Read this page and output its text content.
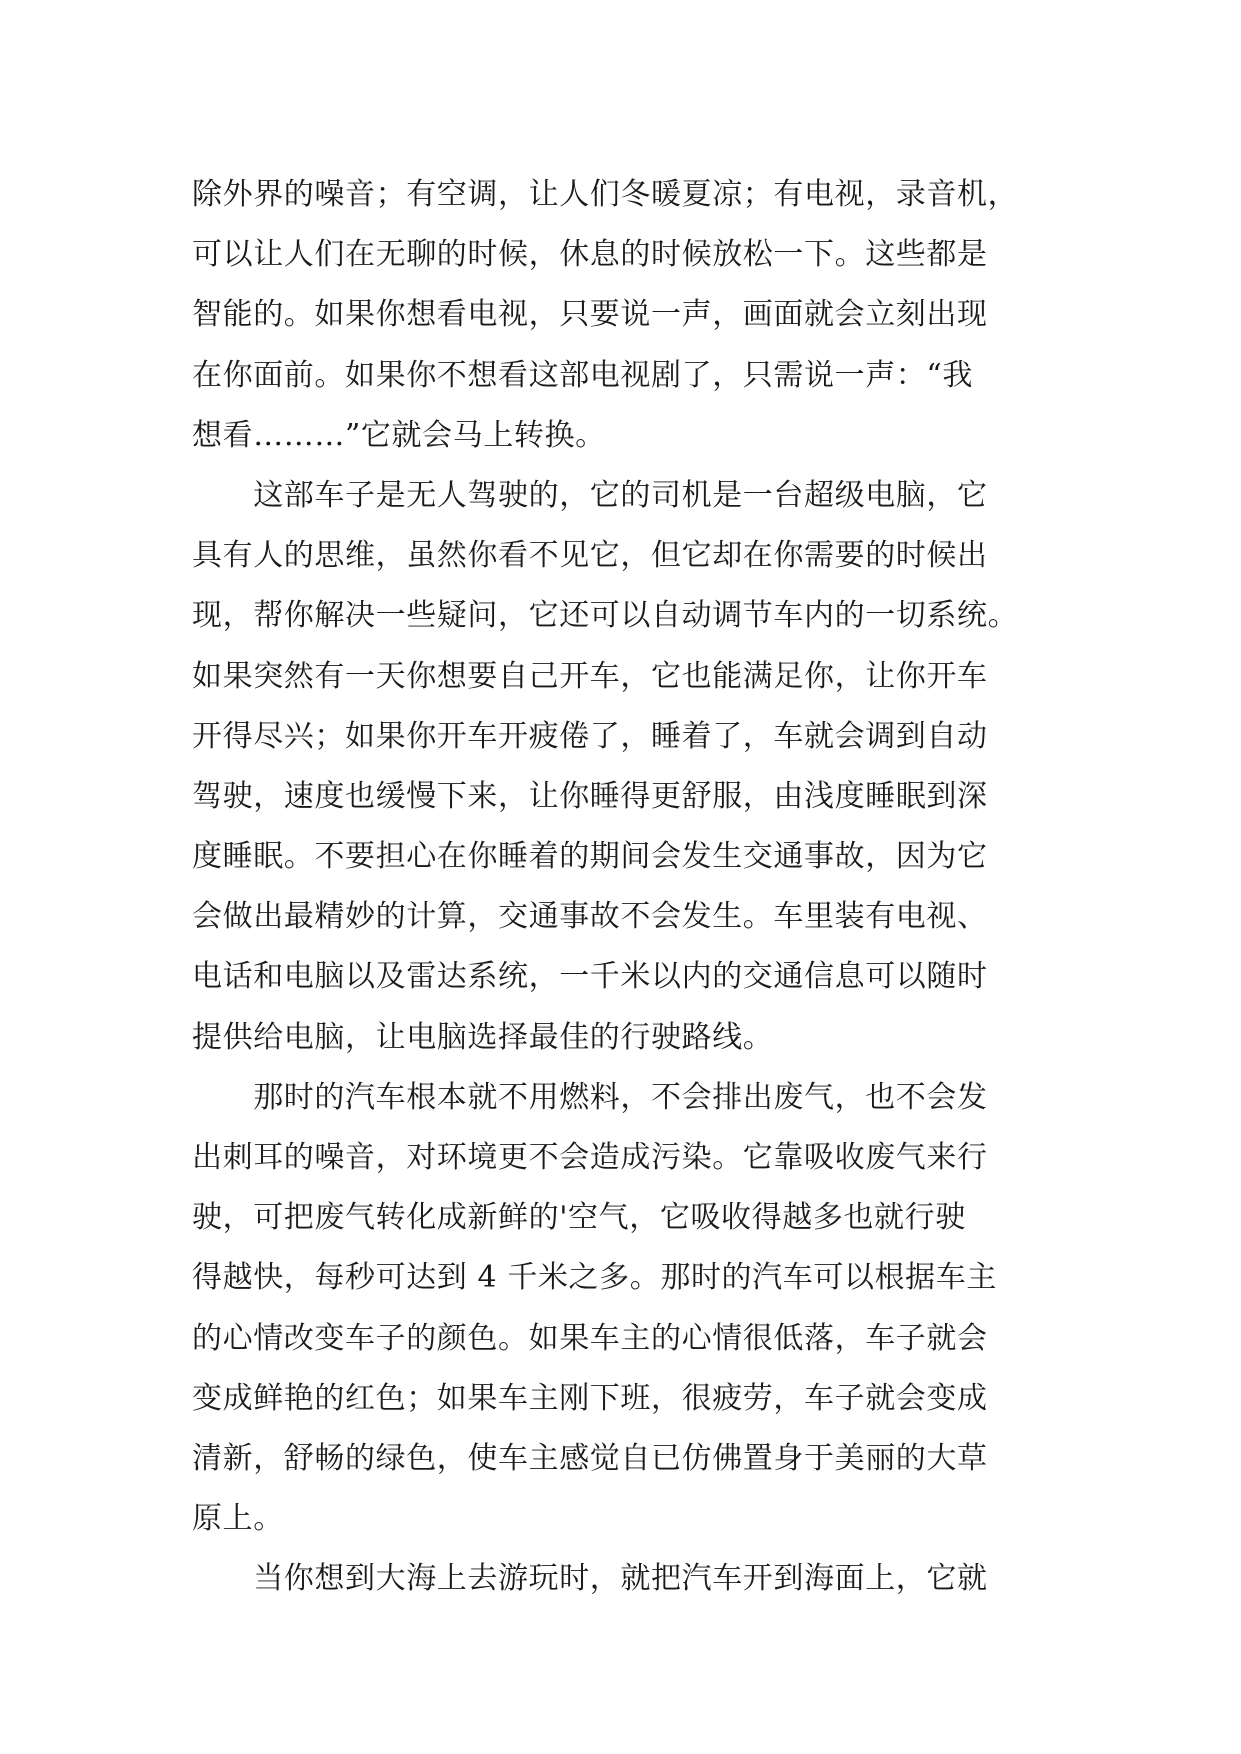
除外界的噪音；有空调，让人们冬暖夏凉；有电视，录音机，
可以让人们在无聊的时候，休息的时候放松一下。这些都是
智能的。如果你想看电视，只要说一声，画面就会立刻出现
在你面前。如果你不想看这部电视剧了，只需说一声：“我
想看………”它就会马上转换。
　　这部车子是无人驾驶的，它的司机是一台超级电脑，它
具有人的思维，虽然你看不见它，但它却在你需要的时候出
现，帮你解决一些疑问，它还可以自动调节车内的一切系统。
如果突然有一天你想要自己开车，它也能满足你，让你开车
开得尽兴；如果你开车开疲倦了，睡着了，车就会调到自动
驾驶，速度也缓慢下来，让你睡得更舒服，由浅度睡眠到深
度睡眠。不要担心在你睡着的期间会发生交通事故，因为它
会做出最精妙的计算，交通事故不会发生。车里装有电视、
电话和电脑以及雷达系统，一千米以内的交通信息可以随时
提供给电脑，让电脑选择最佳的行驶路线。
　　那时的汽车根本就不用燃料，不会排出废气，也不会发
出刺耳的噪音，对环境更不会造成污染。它靠吸收废气来行
驶，可把废气转化成新鲜的'空气，它吸收得越多也就行驶
得越快，每秒可达到 4 千米之多。那时的汽车可以根据车主
的心情改变车子的颜色。如果车主的心情很低落，车子就会
变成鲜艳的红色；如果车主刚下班，很疲劳，车子就会变成
清新，舒畅的绿色，使车主感觉自已仿佛置身于美丽的大草
原上。
　　当你想到大海上去游玩时，就把汽车开到海面上，它就
